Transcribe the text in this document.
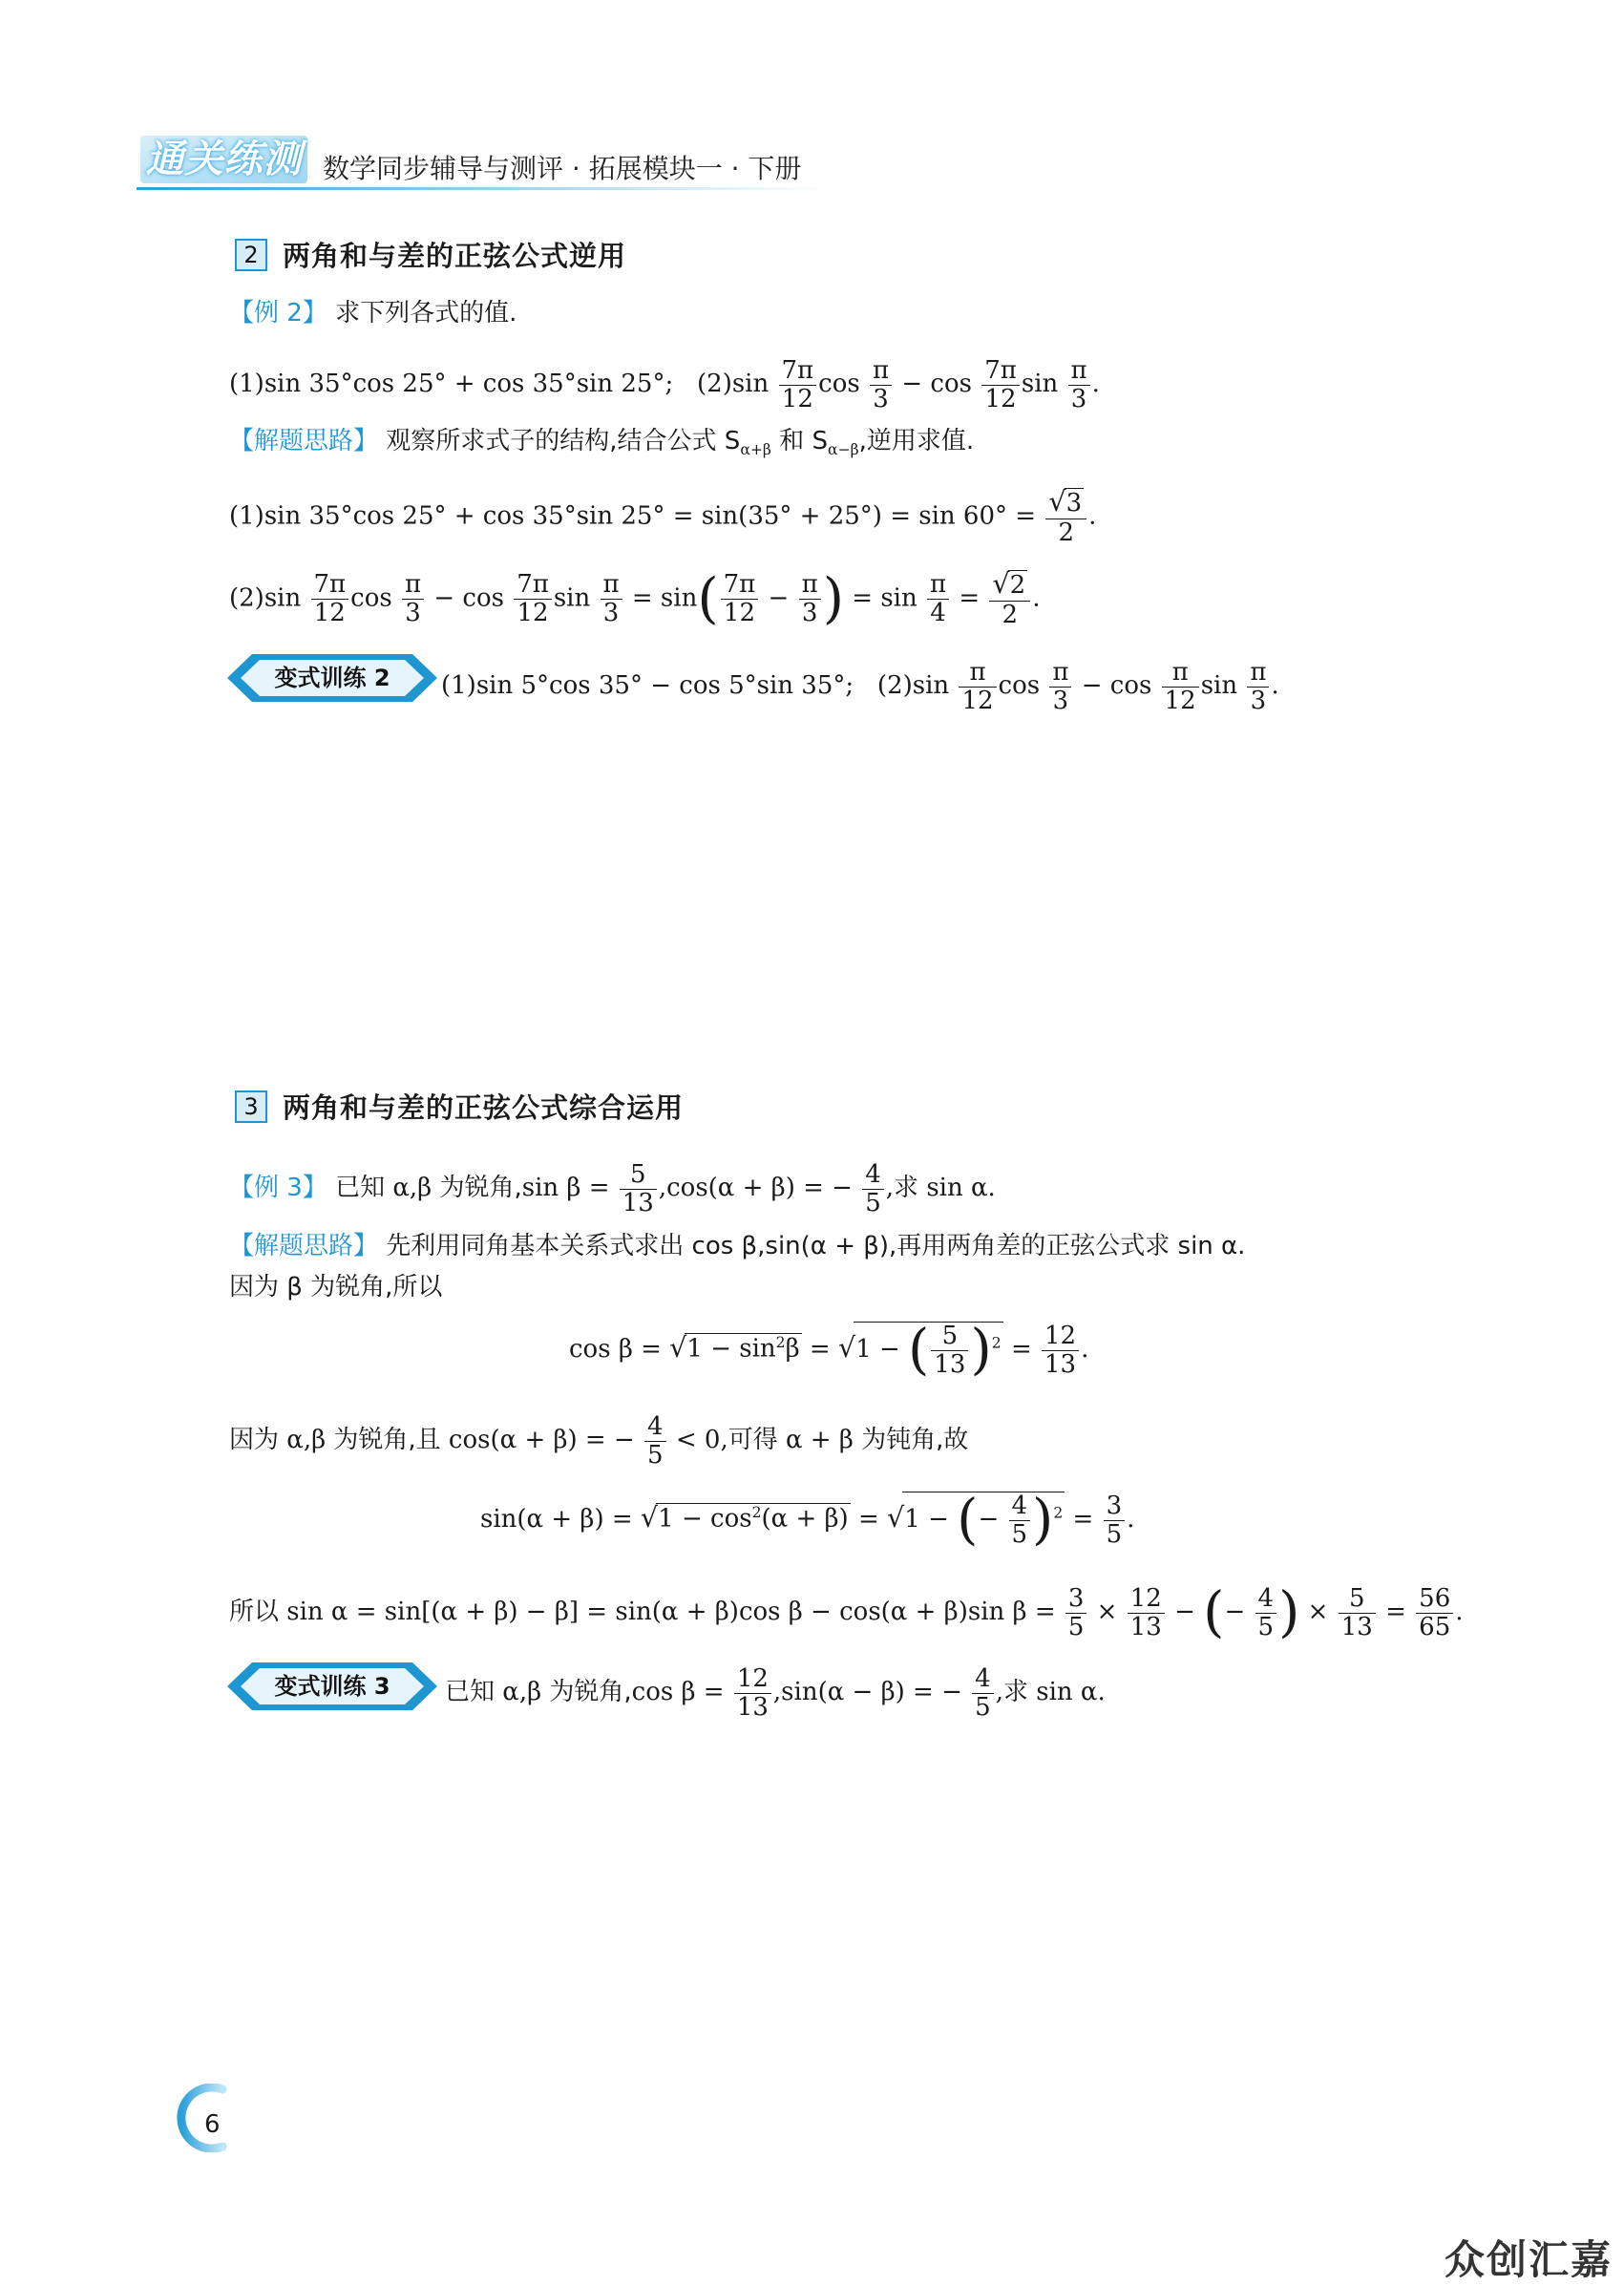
通关练测 数学同步辅导与测评 · 拓展模块一 · 下册
2 两角和与差的正弦公式逆用
【例 2】 求下列各式的值.
(1)sin 35°cos 25° + cos 35°sin 25°;   $(2)\sin \frac{7\pi}{12}$ $\cos \frac{\pi}{3} - \cos \frac{7\pi}{12}$ $\sin \frac{\pi}{3}$ .
【解题思路】 观察所求式子的结构,结合公式 $S_{\alpha+\beta}$ 和 $S_{\alpha-\beta}$,逆用求值.
(1)sin 35°cos 25° + cos 35°sin $25^\circ = \sin(35^\circ + 25^\circ) = \sin 60^\circ = \frac{√3}{2}$ .
$(2)\sin \frac{7\pi}{12}$ $\cos \frac{\pi}{3} - \cos \frac{7\pi}{12}$ $\sin \frac{\pi}{3} = \sin( \frac{7\pi}{12} - \frac{\pi}{3}$ ) = $\sin \frac{\pi}{4} = \frac{√2}{2}$ .
变式训练 2	(1)sin 5°cos 35° − cos 5°sin 35°;   $(2)\sin \frac{\pi}{12}$ $\cos \frac{\pi}{3} - \cos \frac{\pi}{12}$ $\sin \frac{\pi}{3}$ .
3 两角和与差的正弦公式综合运用
【例 3】 已知 α,β 为锐角,sin $\beta = \frac{5}{13} ,\cos(\alpha + \beta)$ = − $\frac{4}{5}$ ,求 sin α.
【解题思路】 先利用同角基本关系式求出 cos β,sin(α + β),再用两角差的正弦公式求 sin α.
因为 β 为锐角,所以
$\cos \beta = √1 - \sin^2\beta = √1$ − ( $\frac{5}{13} )^2 = \frac{12}{13}$ .
因为 α,β 为锐角,且 cos(α + β) = − $\frac{4}{5} < 0$,可得 α + β 为钝角,故
$\sin(\alpha + \beta) = √1 - \cos^2(\alpha + \beta) = √1$ − (− $\frac{4}{5} )^2 = \frac{3}{5}$ .
所以 sin α = sin[(α + β) − β] = sin(α + β)cos β − cos(α + β)sin $\beta = \frac{3}{5} \times \frac{12}{13}$ − (− $\frac{4}{5}$ ) × $\frac{5}{13} = \frac{56}{65}$ .
变式训练 3	已知 α,β 为锐角,cos $\beta = \frac{12}{13} ,\sin(\alpha - \beta)$ = − $\frac{4}{5}$ ,求 sin α.
6
众创汇嘉
